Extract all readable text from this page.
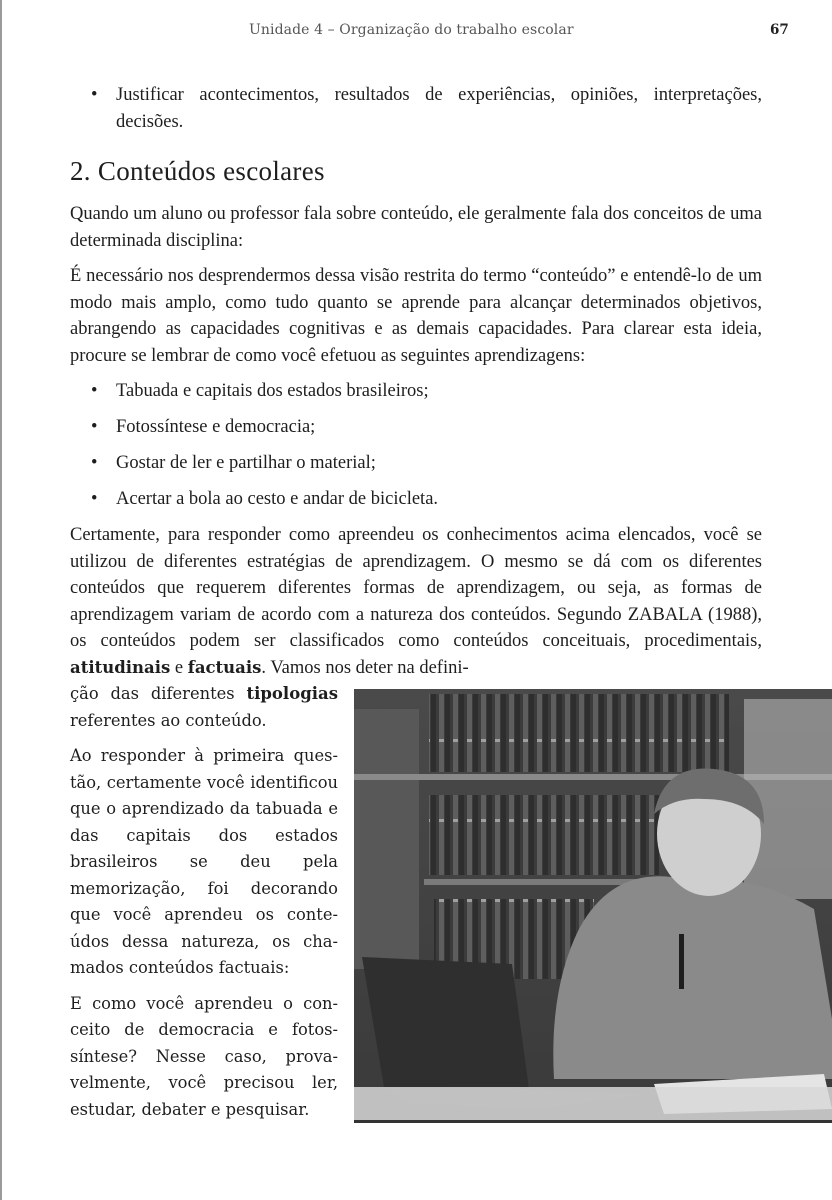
Unidade 4 – Organização do trabalho escolar	67
• Justificar acontecimentos, resultados de experiências, opiniões, interpretações, decisões.
2. Conteúdos escolares

Quando um aluno ou professor fala sobre conteúdo, ele geralmente fala dos conceitos de uma determinada disciplina:

É necessário nos desprendermos dessa visão restrita do termo “conteúdo” e entendê-lo de um modo mais amplo, como tudo quanto se aprende para alcançar determinados objetivos, abrangendo as capacidades cognitivas e as demais capacidades. Para clarear esta ideia, procure se lembrar de como você efetuou as seguintes aprendizagens:

• Tabuada e capitais dos estados brasileiros;
• Fotossíntese e democracia;
• Gostar de ler e partilhar o material;
• Acertar a bola ao cesto e andar de bicicleta.

Certamente, para responder como apreendeu os conhecimentos acima elencados, você se utilizou de diferentes estratégias de aprendizagem. O mesmo se dá com os diferentes conteúdos que requerem diferentes formas de aprendizagem, ou seja, as formas de aprendizagem variam de acordo com a natureza dos conteúdos. Segundo ZABALA (1988), os conteúdos podem ser classificados como conteúdos conceituais, procedimentais, atitudinais e factuais. Vamos nos deter na defini-

ção das diferentes tipologias referentes ao conteúdo.

Ao responder à primeira questão, certamente você identificou que o aprendizado da tabuada e das capitais dos estados brasileiros se deu pela memorização, foi decorando que você aprendeu os conteúdos dessa natureza, os chamados conteúdos factuais:

E como você aprendeu o conceito de democracia e fotossíntese? Nesse caso, provavelmente, você precisou ler, estudar, debater e pesquisar.
